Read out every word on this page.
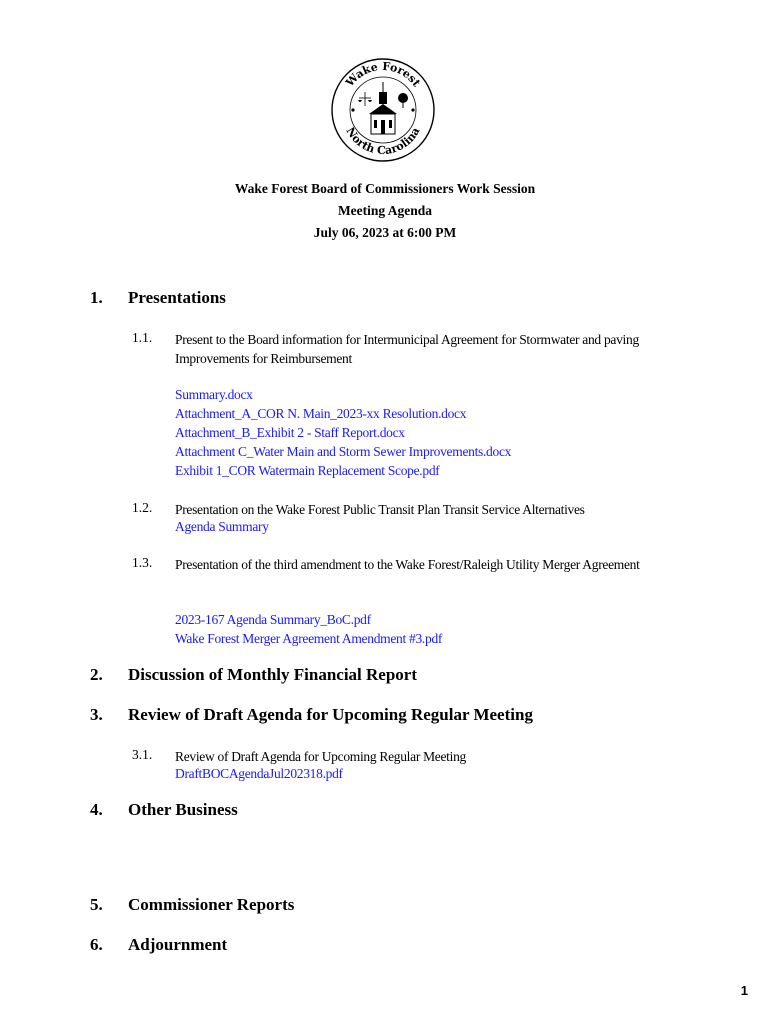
Wake Forest
North Carolina
Wake Forest Board of Commissioners Work Session
Meeting Agenda
July 06, 2023 at 6:00 PM
1. Presentations
1.1. Present to the Board information for Intermunicipal Agreement for Stormwater and paving Improvements for Reimbursement
Summary.docx
Attachment_A_COR N. Main_2023-xx Resolution.docx
Attachment_B_Exhibit 2 - Staff Report.docx
Attachment C_Water Main and Storm Sewer Improvements.docx
Exhibit 1_COR Watermain Replacement Scope.pdf
1.2. Presentation on the Wake Forest Public Transit Plan Transit Service Alternatives
Agenda Summary
1.3. Presentation of the third amendment to the Wake Forest/Raleigh Utility Merger Agreement
2023-167 Agenda Summary_BoC.pdf
Wake Forest Merger Agreement Amendment #3.pdf
2. Discussion of Monthly Financial Report
3. Review of Draft Agenda for Upcoming Regular Meeting
3.1. Review of Draft Agenda for Upcoming Regular Meeting
DraftBOCAgendaJul202318.pdf
4. Other Business
5. Commissioner Reports
6. Adjournment
1
